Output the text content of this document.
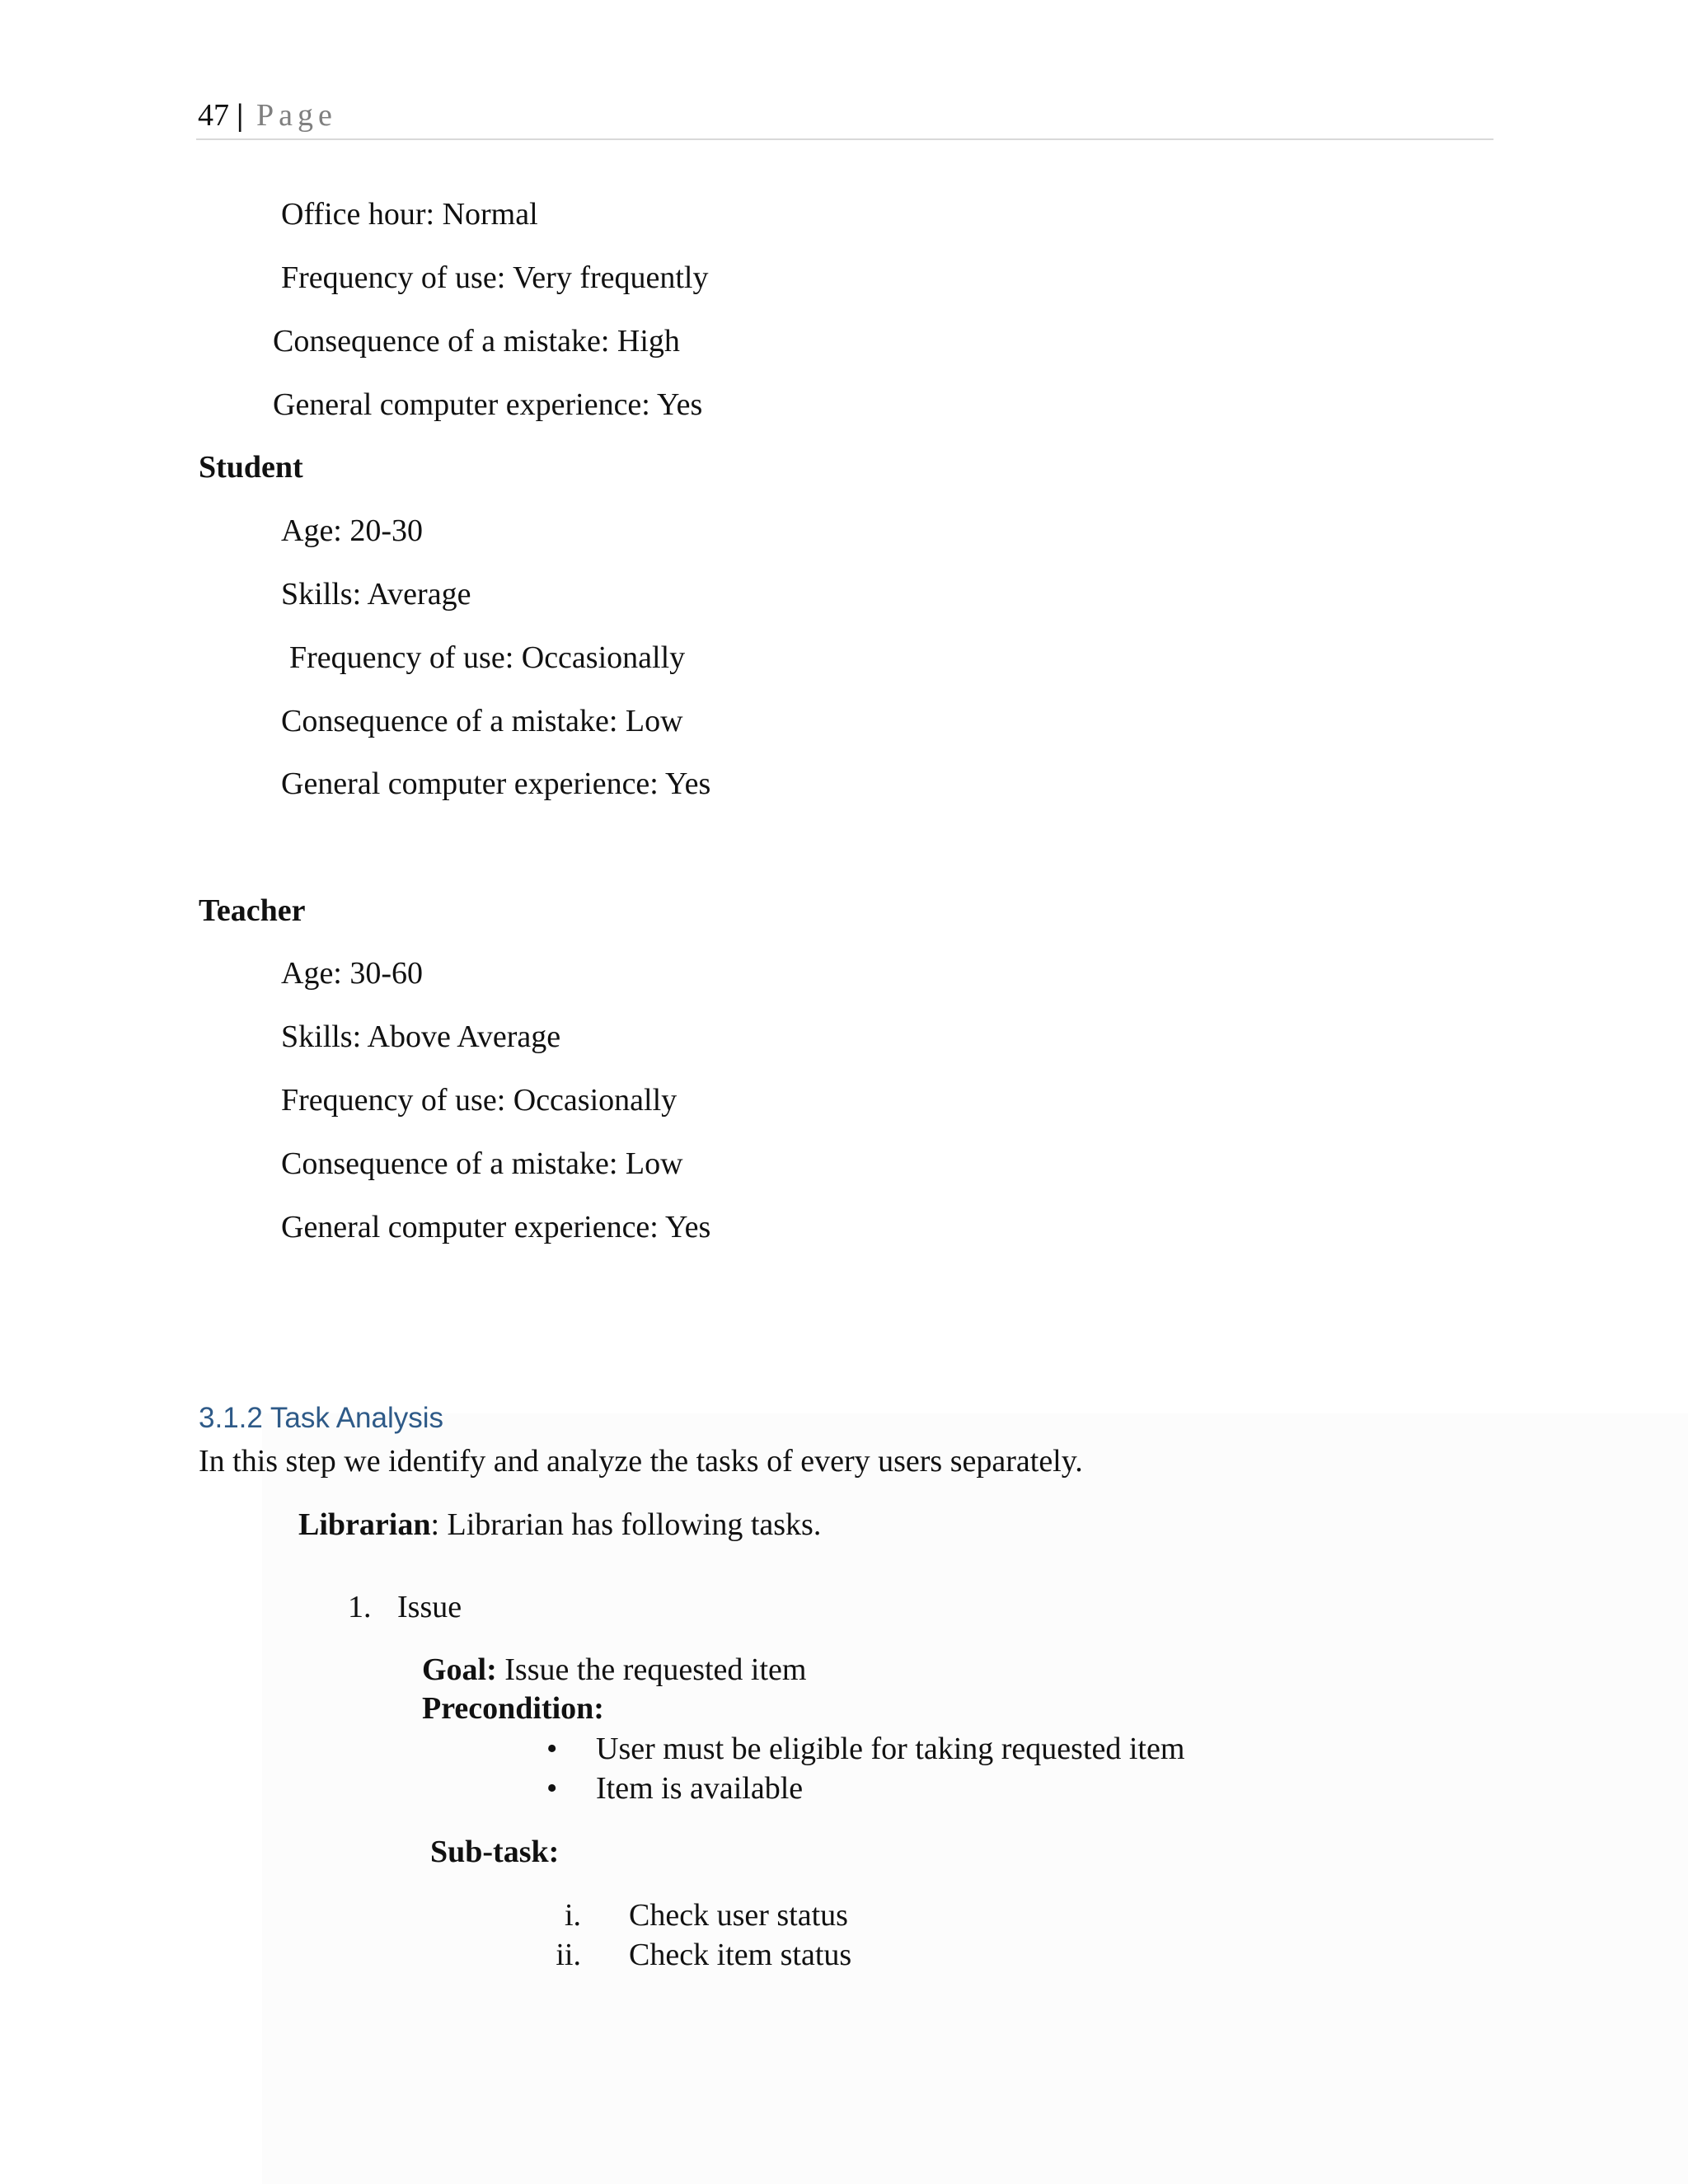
47 | Page
Office hour: Normal
Frequency of use: Very frequently
Consequence of a mistake: High
General computer experience: Yes
Student
Age: 20-30
Skills: Average
Frequency of use: Occasionally
Consequence of a mistake: Low
General computer experience: Yes
Teacher
Age: 30-60
Skills: Above Average
Frequency of use: Occasionally
Consequence of a mistake: Low
General computer experience: Yes
3.1.2 Task Analysis
In this step we identify and analyze the tasks of every users separately.
Librarian: Librarian has following tasks.
1. Issue
Goal: Issue the requested item
Precondition:
• User must be eligible for taking requested item
• Item is available
Sub-task:
i. Check user status
ii. Check item status
